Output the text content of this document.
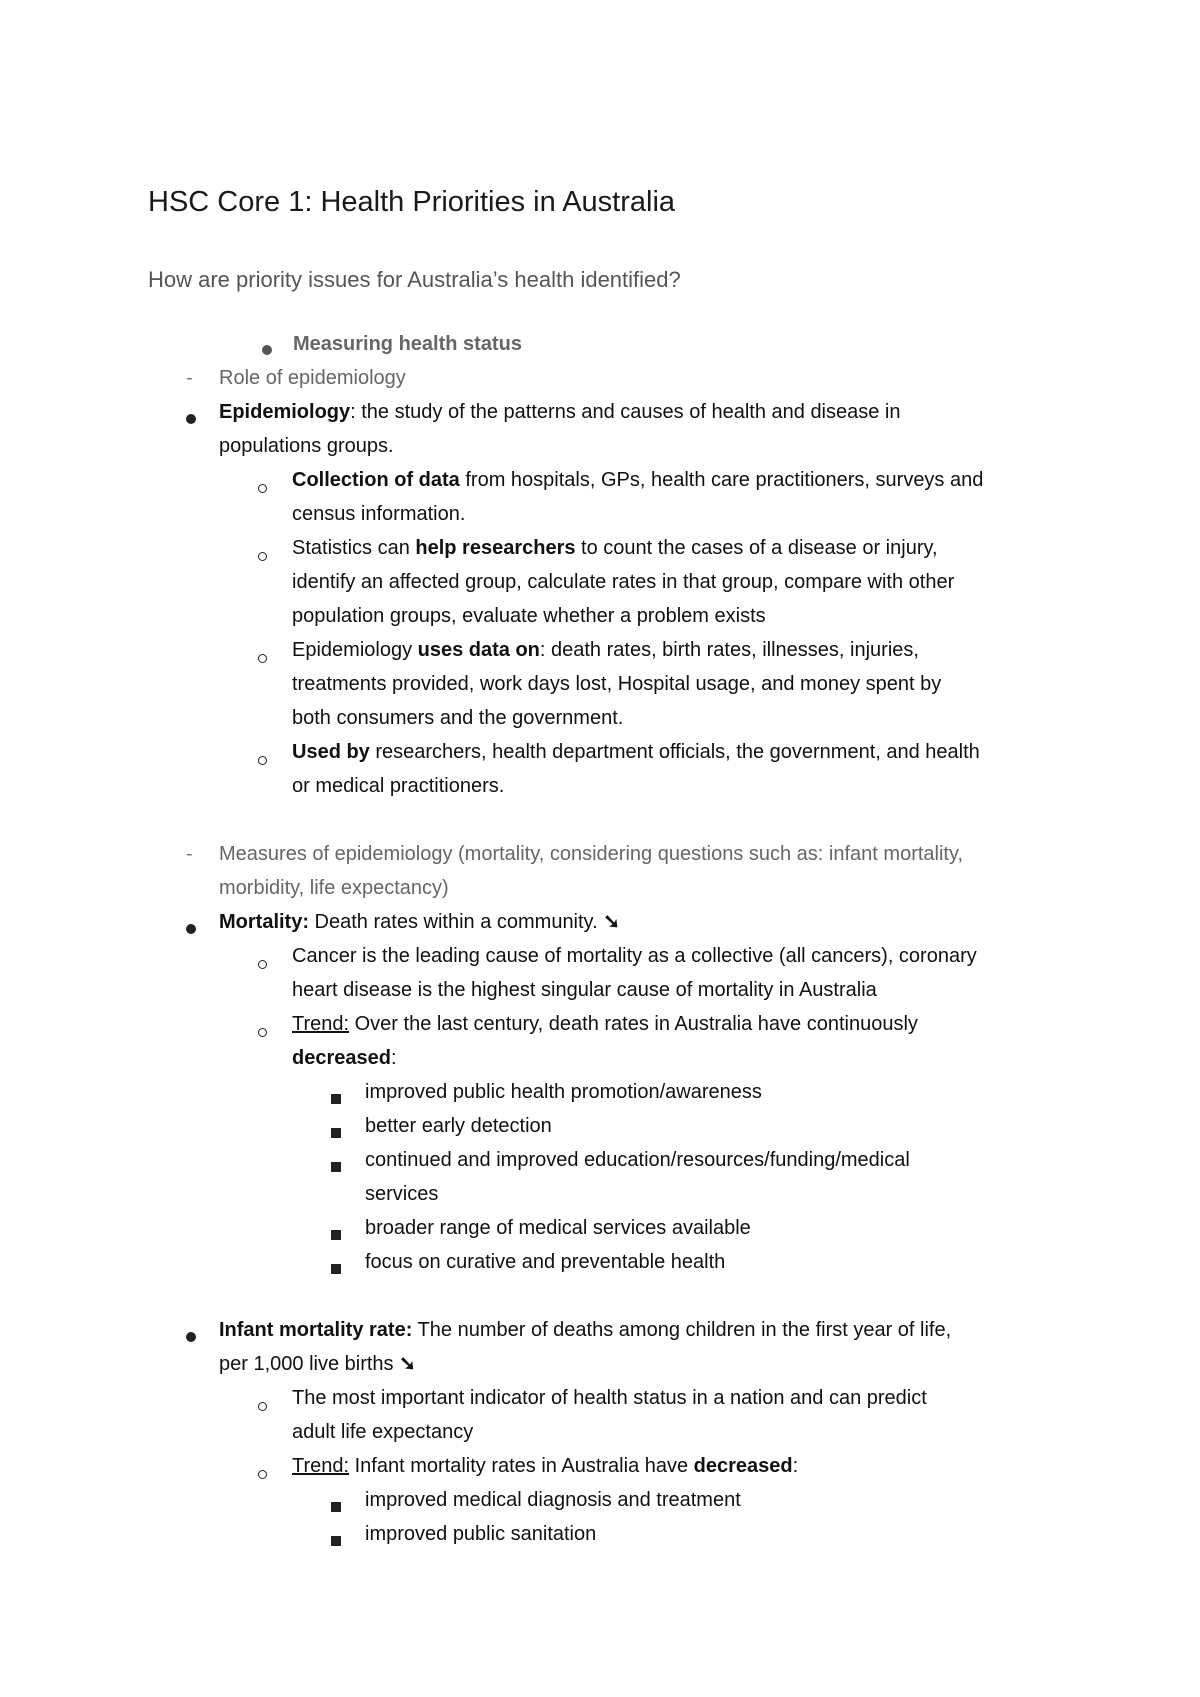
HSC Core 1: Health Priorities in Australia
How are priority issues for Australia’s health identified?
Measuring health status
- Role of epidemiology
Epidemiology: the study of the patterns and causes of health and disease in
populations groups.
Collection of data from hospitals, GPs, health care practitioners, surveys and
census information.
Statistics can help researchers to count the cases of a disease or injury,
identify an affected group, calculate rates in that group, compare with other
population groups, evaluate whether a problem exists
Epidemiology uses data on: death rates, birth rates, illnesses, injuries,
treatments provided, work days lost, Hospital usage, and money spent by
both consumers and the government.
Used by researchers, health department officials, the government, and health
or medical practitioners.
- Measures of epidemiology (mortality, considering questions such as: infant mortality,
morbidity, life expectancy)
Mortality: Death rates within a community. ➘
Cancer is the leading cause of mortality as a collective (all cancers), coronary
heart disease is the highest singular cause of mortality in Australia
Trend: Over the last century, death rates in Australia have continuously
decreased:
improved public health promotion/awareness
better early detection
continued and improved education/resources/funding/medical
services
broader range of medical services available
focus on curative and preventable health
Infant mortality rate: The number of deaths among children in the first year of life,
per 1,000 live births ➘
The most important indicator of health status in a nation and can predict
adult life expectancy
Trend: Infant mortality rates in Australia have decreased:
improved medical diagnosis and treatment
improved public sanitation
